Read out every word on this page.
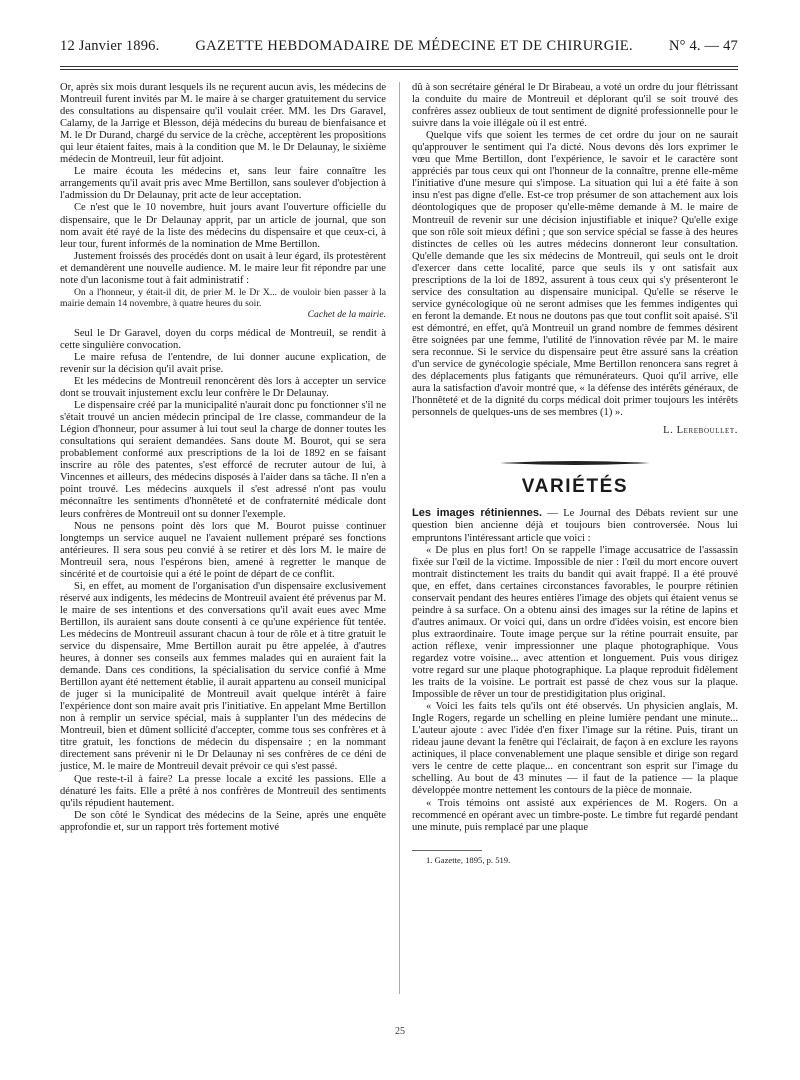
12 Janvier 1896. GAZETTE HEBDOMADAIRE DE MÉDECINE ET DE CHIRURGIE. N° 4. — 47

Or, après six mois durant lesquels ils ne reçurent aucun avis, les médecins de Montreuil furent invités par M. le maire à se charger gratuitement du service des consultations au dispensaire qu'il voulait créer. MM. les Drs Garavel, Calamy, de la Jarrige et Blesson, déjà médecins du bureau de bienfaisance et M. le Dr Durand, chargé du service de la crèche, acceptèrent les propositions qui leur étaient faites, mais à la condition que M. le Dr Delaunay, le sixième médecin de Montreuil, leur fût adjoint.

Le maire écouta les médecins et, sans leur faire connaître les arrangements qu'il avait pris avec Mme Bertillon, sans soulever d'objection à l'admission du Dr Delaunay, prit acte de leur acceptation.

Ce n'est que le 10 novembre, huit jours avant l'ouverture officielle du dispensaire, que le Dr Delaunay apprit, par un article de journal, que son nom avait été rayé de la liste des médecins du dispensaire et que ceux-ci, à leur tour, furent informés de la nomination de Mme Bertillon.

Justement froissés des procédés dont on usait à leur égard, ils protestèrent et demandèrent une nouvelle audience. M. le maire leur fit répondre par une note d'un laconisme tout à fait administratif :

On a l'honneur, y était-il dit, de prier M. le Dr X... de vouloir bien passer à la mairie demain 14 novembre, à quatre heures du soir.

Cachet de la mairie.

Seul le Dr Garavel, doyen du corps médical de Montreuil, se rendit à cette singulière convocation.

Le maire refusa de l'entendre, de lui donner aucune explication, de revenir sur la décision qu'il avait prise.

Et les médecins de Montreuil renoncèrent dès lors à accepter un service dont se trouvait injustement exclu leur confrère le Dr Delaunay.

Le dispensaire créé par la municipalité n'aurait donc pu fonctionner s'il ne s'était trouvé un ancien médecin principal de 1re classe, commandeur de la Légion d'honneur, pour assumer à lui tout seul la charge de donner toutes les consultations qui seraient demandées. Sans doute M. Bourot, qui se sera probablement conformé aux prescriptions de la loi de 1892 en se faisant inscrire au rôle des patentes, s'est efforcé de recruter autour de lui, à Vincennes et ailleurs, des médecins disposés à l'aider dans sa tâche. Il n'en a point trouvé. Les médecins auxquels il s'est adressé n'ont pas voulu méconnaître les sentiments d'honnêteté et de confraternité médicale dont leurs confrères de Montreuil ont su donner l'exemple.

Nous ne pensons point dès lors que M. Bourot puisse continuer longtemps un service auquel ne l'avaient nullement préparé ses fonctions antérieures. Il sera sous peu convié à se retirer et dès lors M. le maire de Montreuil sera, nous l'espérons bien, amené à regretter le manque de sincérité et de courtoisie qui a été le point de départ de ce conflit.

Si, en effet, au moment de l'organisation d'un dispensaire exclusivement réservé aux indigents, les médecins de Montreuil avaient été prévenus par M. le maire de ses intentions et des conversations qu'il avait eues avec Mme Bertillon, ils auraient sans doute consenti à ce qu'une expérience fût tentée. Les médecins de Montreuil assurant chacun à tour de rôle et à titre gratuit le service du dispensaire, Mme Bertillon aurait pu être appelée, à d'autres heures, à donner ses conseils aux femmes malades qui en auraient fait la demande. Dans ces conditions, la spécialisation du service confié à Mme Bertillon ayant été nettement établie, il aurait appartenu au conseil municipal de juger si la municipalité de Montreuil avait quelque intérêt à faire l'expérience dont son maire avait pris l'initiative. En appelant Mme Bertillon non à remplir un service spécial, mais à supplanter l'un des médecins de Montreuil, bien et dûment sollicité d'accepter, comme tous ses confrères et à titre gratuit, les fonctions de médecin du dispensaire ; en la nommant directement sans prévenir ni le Dr Delaunay ni ses confrères de ce déni de justice, M. le maire de Montreuil devait prévoir ce qui s'est passé.

Que reste-t-il à faire? La presse locale a excité les passions. Elle a dénaturé les faits. Elle a prêté à nos confrères de Montreuil des sentiments qu'ils répudient hautement.

De son côté le Syndicat des médecins de la Seine, après une enquête approfondie et, sur un rapport très fortement motivé

dû à son secrétaire général le Dr Birabeau, a voté un ordre du jour flétrissant la conduite du maire de Montreuil et déplorant qu'il se soit trouvé des confrères assez oublieux de tout sentiment de dignité professionnelle pour le suivre dans la voie illégale où il est entré.

Quelque vifs que soient les termes de cet ordre du jour on ne saurait qu'approuver le sentiment qui l'a dicté. Nous devons dès lors exprimer le vœu que Mme Bertillon, dont l'expérience, le savoir et le caractère sont appréciés par tous ceux qui ont l'honneur de la connaître, prenne elle-même l'initiative d'une mesure qui s'impose. La situation qui lui a été faite à son insu n'est pas digne d'elle. Est-ce trop présumer de son attachement aux lois déontologiques que de proposer qu'elle-même demande à M. le maire de Montreuil de revenir sur une décision injustifiable et inique? Qu'elle exige que son rôle soit mieux défini ; que son service spécial se fasse à des heures distinctes de celles où les autres médecins donneront leur consultation. Qu'elle demande que les six médecins de Montreuil, qui seuls ont le droit d'exercer dans cette localité, parce que seuls ils y ont satisfait aux prescriptions de la loi de 1892, assurent à tous ceux qui s'y présenteront le service des consultation au dispensaire municipal. Qu'elle se réserve le service gynécologique où ne seront admises que les femmes indigentes qui en feront la demande. Et nous ne doutons pas que tout conflit soit apaisé. S'il est démontré, en effet, qu'à Montreuil un grand nombre de femmes désirent être soignées par une femme, l'utilité de l'innovation rêvée par M. le maire sera reconnue. Si le service du dispensaire peut être assuré sans la création d'un service de gynécologie spéciale, Mme Bertillon renoncera sans regret à des déplacements plus fatigants que rémunérateurs. Quoi qu'il arrive, elle aura la satisfaction d'avoir montré que, « la défense des intérêts généraux, de l'honnêteté et de la dignité du corps médical doit primer toujours les intérêts personnels de quelques-uns de ses membres (1) ».

L. Lereboullet.
VARIÉTÉS

Les images rétiniennes. — Le Journal des Débats revient sur une question bien ancienne déjà et toujours bien controversée. Nous lui empruntons l'intéressant article que voici :

« De plus en plus fort! On se rappelle l'image accusatrice de l'assassin fixée sur l'œil de la victime. Impossible de nier : l'œil du mort encore ouvert montrait distinctement les traits du bandit qui avait frappé. Il a été prouvé que, en effet, dans certaines circonstances favorables, le pourpre rétinien conservait pendant des heures entières l'image des objets qui étaient venus se peindre à sa surface. On a obtenu ainsi des images sur la rétine de lapins et d'autres animaux. Or voici qui, dans un ordre d'idées voisin, est encore bien plus extraordinaire. Toute image perçue sur la rétine pourrait ensuite, par action réflexe, venir impressionner une plaque photographique. Vous regardez votre voisine... avec attention et longuement. Puis vous dirigez votre regard sur une plaque photographique. La plaque reproduit fidèlement les traits de la voisine. Le portrait est passé de chez vous sur la plaque. Impossible de rêver un tour de prestidigitation plus original.

« Voici les faits tels qu'ils ont été observés. Un physicien anglais, M. Ingle Rogers, regarde un schelling en pleine lumière pendant une minute... L'auteur ajoute : avec l'idée d'en fixer l'image sur la rétine. Puis, tirant un rideau jaune devant la fenêtre qui l'éclairait, de façon à en exclure les rayons actiniques, il place convenablement une plaque sensible et dirige son regard vers le centre de cette plaque... en concentrant son esprit sur l'image du schelling. Au bout de 43 minutes — il faut de la patience — la plaque développée montre nettement les contours de la pièce de monnaie.

« Trois témoins ont assisté aux expériences de M. Rogers. On a recommencé en opérant avec un timbre-poste. Le timbre fut regardé pendant une minute, puis remplacé par une plaque

1. Gazette, 1895, p. 519.

25
